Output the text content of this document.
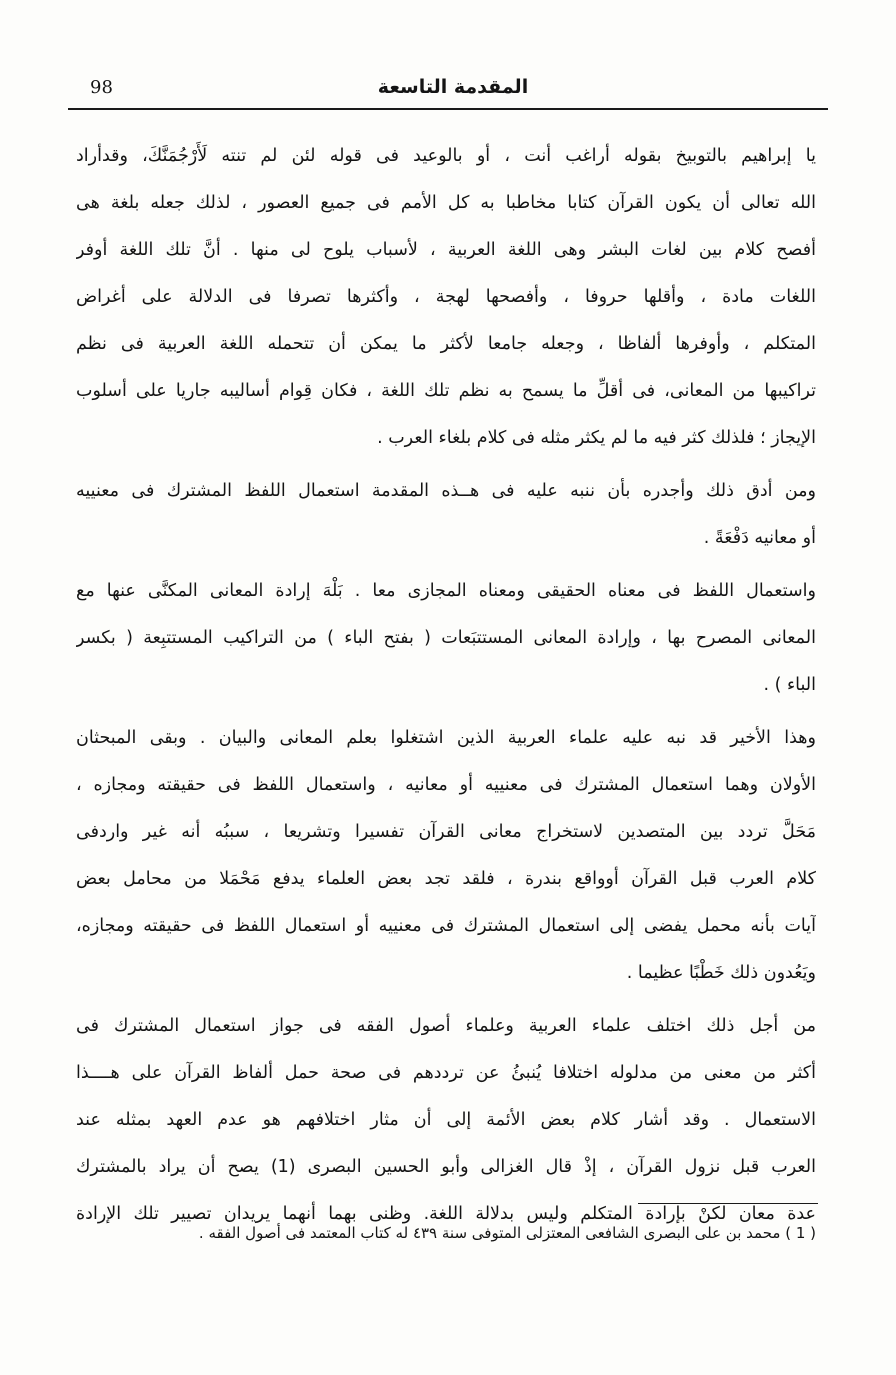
المقدمة التاسعة
98
يا إبراهيم بالتوبيخ بقوله أراغب أنت ، أو بالوعيد فى قوله لئن لم تنته لَأَرْجُمَنَّكَ، وقدأراد
الله تعالى أن يكون القرآن كتابا مخاطبا به كل الأمم فى جميع العصور ، لذلك جعله بلغة هى
أفصح كلام بين لغات البشر وهى اللغة العربية ، لأسباب يلوح لى منها . أنَّ تلك اللغة أوفر
اللغات مادة ، وأقلها حروفا ، وأفصحها لهجة ، وأكثرها تصرفا فى الدلالة على أغراض
المتكلم ، وأوفرها ألفاظا ، وجعله جامعا لأكثر ما يمكن أن تتحمله اللغة العربية فى نظم
تراكيبها من المعانى، فى أقلِّ ما يسمح به نظم تلك اللغة ، فكان قِوام أساليبه جاريا على أسلوب
الإيجاز ؛ فلذلك كثر فيه ما لم يكثر مثله فى كلام بلغاء العرب .
ومن أدق ذلك وأجدره بأن ننبه عليه فى هــذه المقدمة استعمال اللفظ المشترك فى معنييه
أو معانيه دَفْعَةً .
واستعمال اللفظ فى معناه الحقيقى ومعناه المجازى معا . بَلْهَ إرادة المعانى المكنَّى عنها مع
المعانى المصرح بها ، وإرادة المعانى المستتبَعات ( بفتح الباء ) من التراكيب المستتبِعة ( بكسر
الباء ) .
وهذا الأخير قد نبه عليه علماء العربية الذين اشتغلوا بعلم المعانى والبيان . وبقى المبحثان
الأولان وهما استعمال المشترك فى معنييه أو معانيه ، واستعمال اللفظ فى حقيقته ومجازه ،
مَحَلَّ تردد بين المتصدين لاستخراج معانى القرآن تفسيرا وتشريعا ، سببُه أنه غير واردفى
كلام العرب قبل القرآن أوواقع بندرة ، فلقد تجد بعض العلماء يدفع مَحْمَلا من محامل بعض
آيات بأنه محمل يفضى إلى استعمال المشترك فى معنييه أو استعمال اللفظ فى حقيقته ومجازه،
ويَعُدون ذلك خَطْبًا عظيما .
من أجل ذلك اختلف علماء العربية وعلماء أصول الفقه فى جواز استعمال المشترك فى
أكثر من معنى من مدلوله اختلافا يُنبئُ عن ترددهم فى صحة حمل ألفاظ القرآن على هــــذا
الاستعمال . وقد أشار كلام بعض الأئمة إلى أن مثار اختلافهم هو عدم العهد بمثله عند
العرب قبل نزول القرآن ، إذْ قال الغزالى وأبو الحسين البصرى (1) يصح أن يراد بالمشترك
عدة معان لكنْ بإرادة المتكلم وليس بدلالة اللغة. وظنى بهما أنهما يريدان تصيير تلك الإرادة
( 1 ) محمد بن على البصرى الشافعى المعتزلى المتوفى سنة ٤٣٩ له كتاب المعتمد فى أصول الفقه .
